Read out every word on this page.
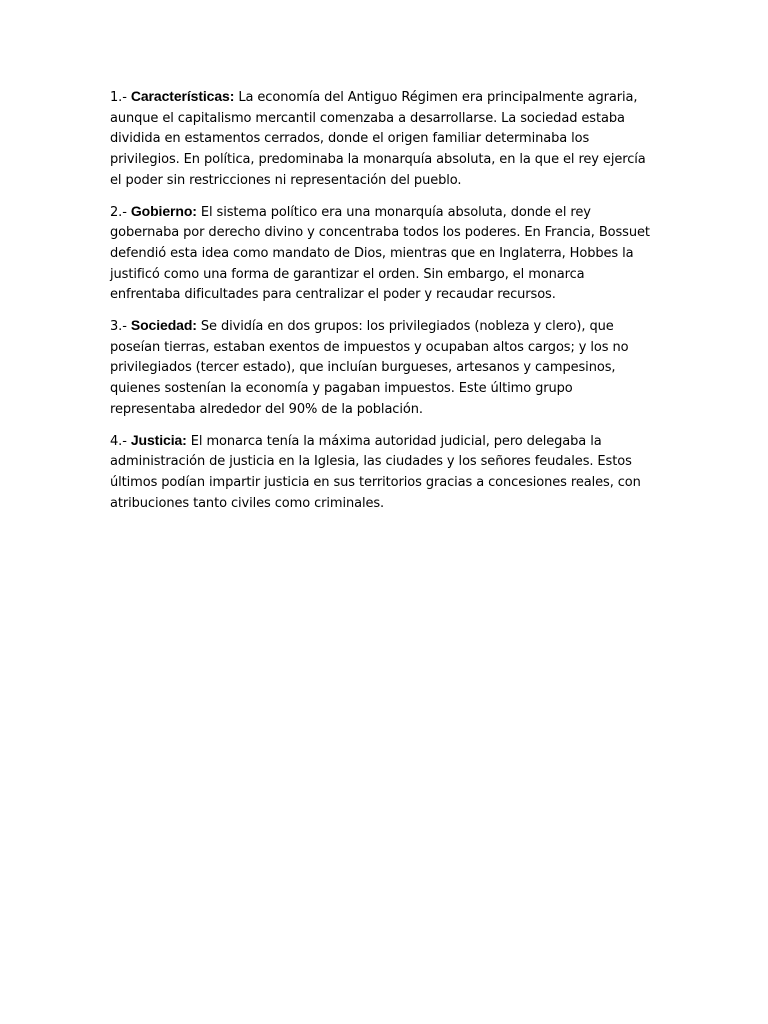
1.- Características: La economía del Antiguo Régimen era principalmente agraria, aunque el capitalismo mercantil comenzaba a desarrollarse. La sociedad estaba dividida en estamentos cerrados, donde el origen familiar determinaba los privilegios. En política, predominaba la monarquía absoluta, en la que el rey ejercía el poder sin restricciones ni representación del pueblo.

2.- Gobierno: El sistema político era una monarquía absoluta, donde el rey gobernaba por derecho divino y concentraba todos los poderes. En Francia, Bossuet defendió esta idea como mandato de Dios, mientras que en Inglaterra, Hobbes la justificó como una forma de garantizar el orden. Sin embargo, el monarca enfrentaba dificultades para centralizar el poder y recaudar recursos.

3.- Sociedad: Se dividía en dos grupos: los privilegiados (nobleza y clero), que poseían tierras, estaban exentos de impuestos y ocupaban altos cargos; y los no privilegiados (tercer estado), que incluían burgueses, artesanos y campesinos, quienes sostenían la economía y pagaban impuestos. Este último grupo representaba alrededor del 90% de la población.

4.- Justicia: El monarca tenía la máxima autoridad judicial, pero delegaba la administración de justicia en la Iglesia, las ciudades y los señores feudales. Estos últimos podían impartir justicia en sus territorios gracias a concesiones reales, con atribuciones tanto civiles como criminales.
